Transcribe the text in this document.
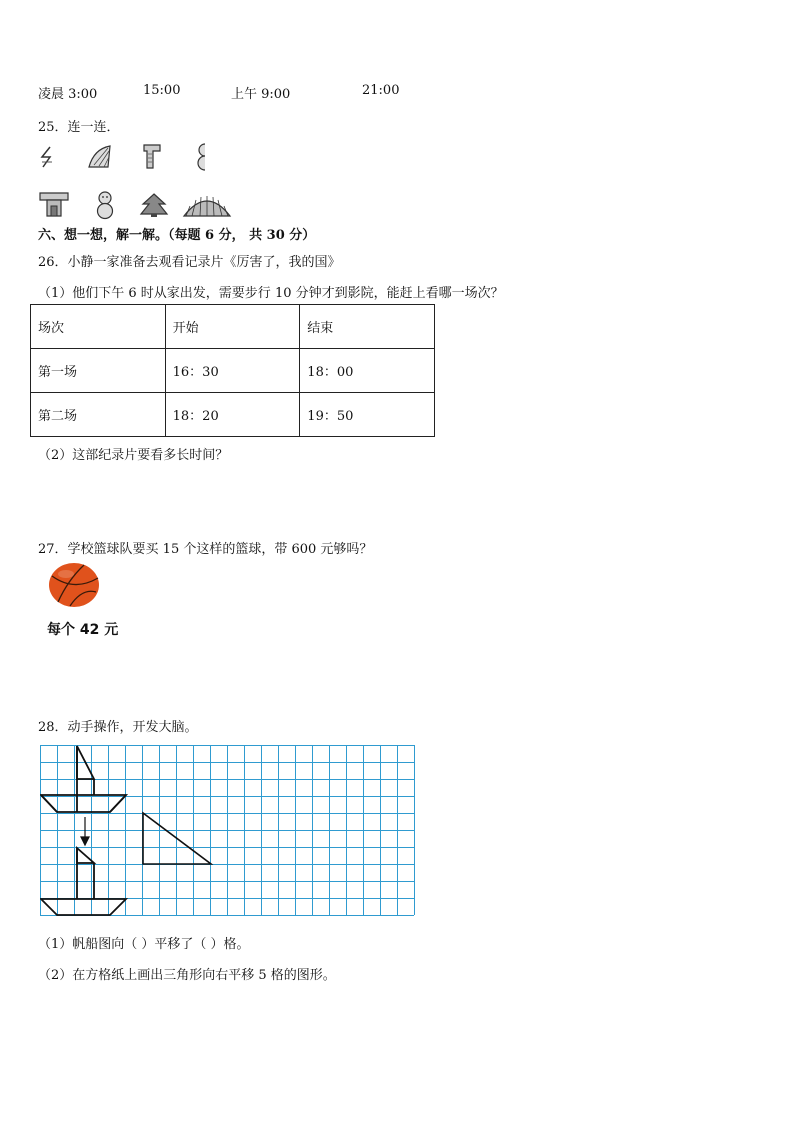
凌晨 3:00	15:00	上午 9:00	21:00
25．连一连．
六、想一想，解一解。（每题 6 分， 共 30 分）
26．小静一家准备去观看记录片《厉害了，我的国》
（1）他们下午 6 时从家出发，需要步行 10 分钟才到影院，能赶上看哪一场次？
场次	开始	结束
第一场	16：30	18：00
第二场	18：20	19：50
（2）这部纪录片要看多长时间？
27．学校篮球队要买 15 个这样的篮球，带 600 元够吗？
每个 42 元
28．动手操作，开发大脑。
（1）帆船图向（ ）平移了（ ）格。
（2）在方格纸上画出三角形向右平移 5 格的图形。
